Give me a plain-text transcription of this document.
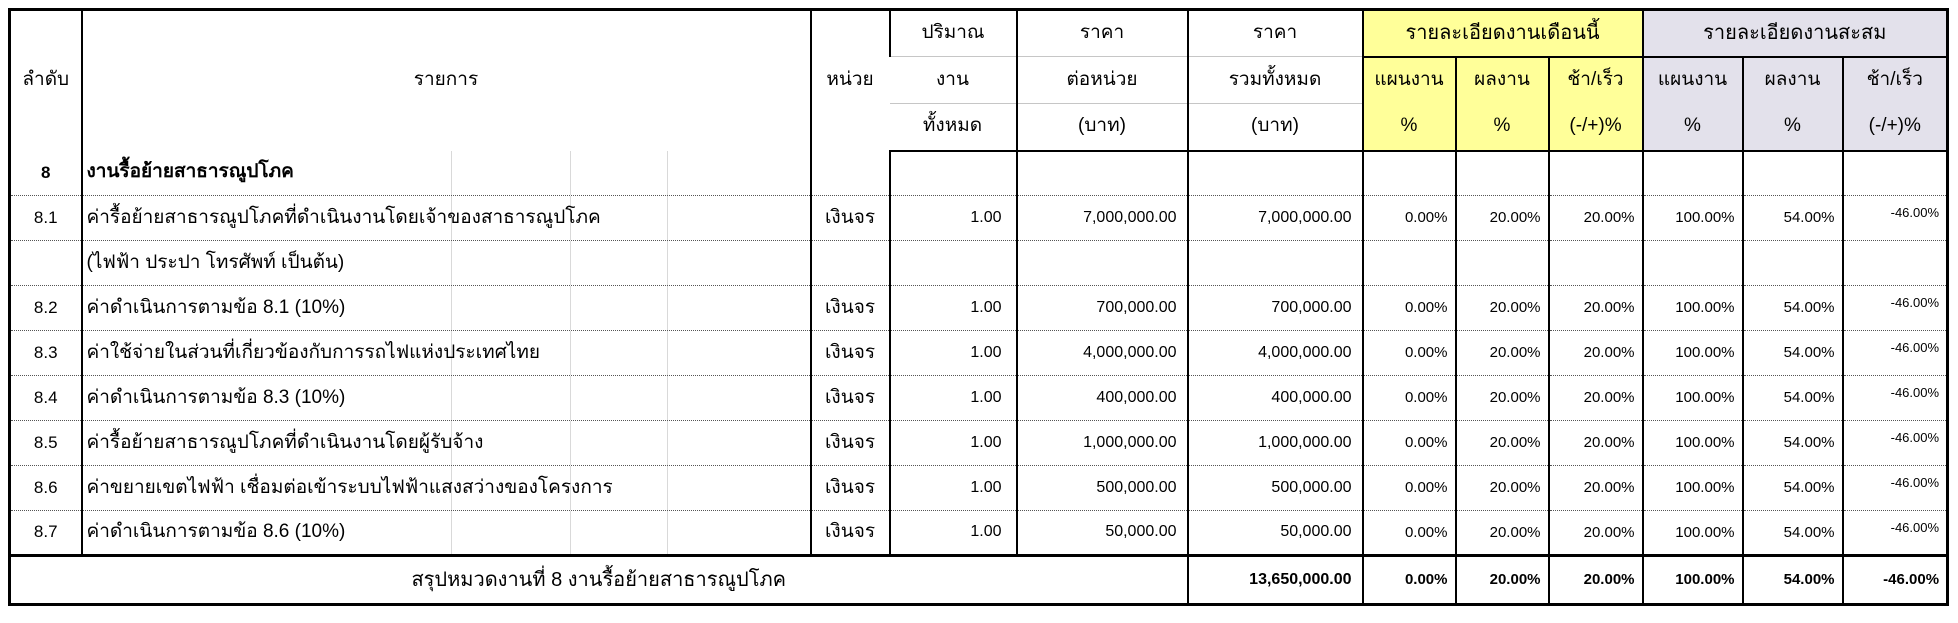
ลำดับ	รายการ	หน่วย	ปริมาณ	ราคา	ราคา	รายละเอียดงานเดือนนี้			รายละเอียดงานสะสม		
			งาน	ต่อหน่วย	รวมทั้งหมด	แผนงาน	ผลงาน	ช้า/เร็ว	แผนงาน	ผลงาน	ช้า/เร็ว
			ทั้งหมด	(บาท)	(บาท)	%	%	(-/+)%	%	%	(-/+)%
8	งานรื้อย้ายสาธารณูปโภค										
8.1	ค่ารื้อย้ายสาธารณูปโภคที่ดำเนินงานโดยเจ้าของสาธารณูปโภค	เงินจร	1.00	7,000,000.00	7,000,000.00	0.00%	20.00%	20.00%	100.00%	54.00%	-46.00%
	(ไฟฟ้า ประปา โทรศัพท์ เป็นต้น)										
8.2	ค่าดำเนินการตามข้อ 8.1 (10%)	เงินจร	1.00	700,000.00	700,000.00	0.00%	20.00%	20.00%	100.00%	54.00%	-46.00%
8.3	ค่าใช้จ่ายในส่วนที่เกี่ยวข้องกับการรถไฟแห่งประเทศไทย	เงินจร	1.00	4,000,000.00	4,000,000.00	0.00%	20.00%	20.00%	100.00%	54.00%	-46.00%
8.4	ค่าดำเนินการตามข้อ 8.3 (10%)	เงินจร	1.00	400,000.00	400,000.00	0.00%	20.00%	20.00%	100.00%	54.00%	-46.00%
8.5	ค่ารื้อย้ายสาธารณูปโภคที่ดำเนินงานโดยผู้รับจ้าง	เงินจร	1.00	1,000,000.00	1,000,000.00	0.00%	20.00%	20.00%	100.00%	54.00%	-46.00%
8.6	ค่าขยายเขตไฟฟ้า เชื่อมต่อเข้าระบบไฟฟ้าแสงสว่างของโครงการ	เงินจร	1.00	500,000.00	500,000.00	0.00%	20.00%	20.00%	100.00%	54.00%	-46.00%
8.7	ค่าดำเนินการตามข้อ 8.6 (10%)	เงินจร	1.00	50,000.00	50,000.00	0.00%	20.00%	20.00%	100.00%	54.00%	-46.00%
สรุปหมวดงานที่ 8 งานรื้อย้ายสาธารณูปโภค					13,650,000.00	0.00%	20.00%	20.00%	100.00%	54.00%	-46.00%
